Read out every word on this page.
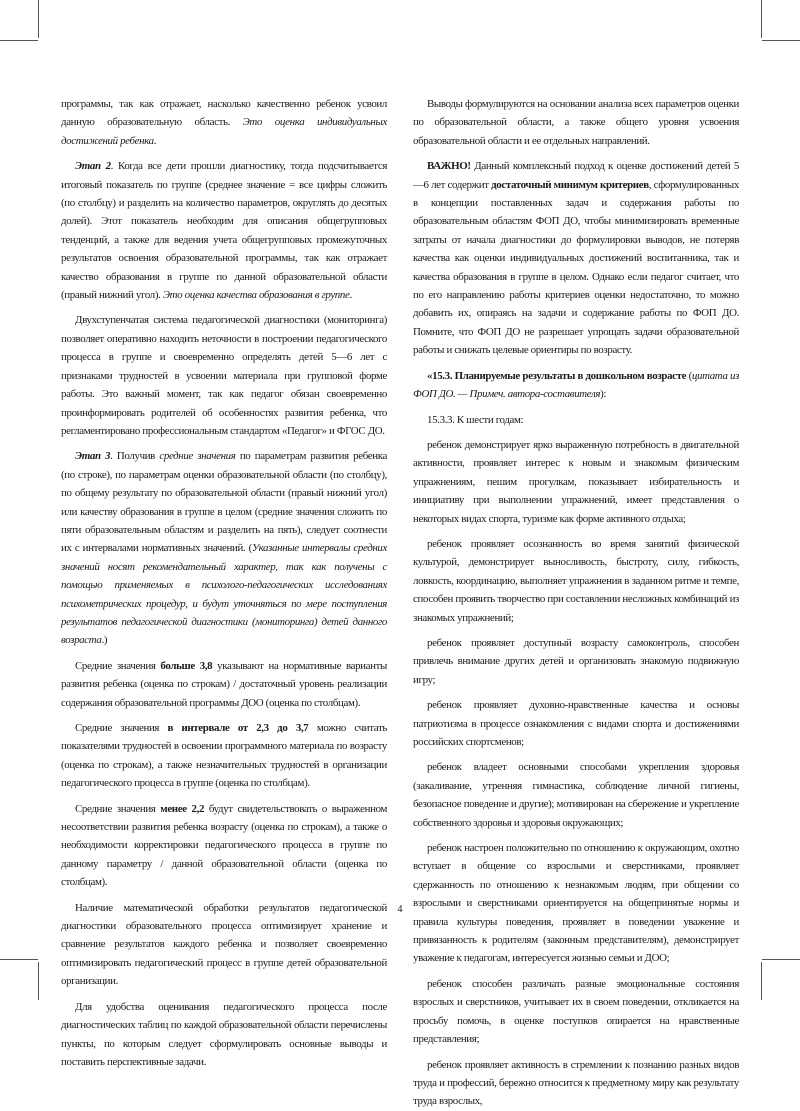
программы, так как отражает, насколько качественно ребенок усвоил данную образовательную область. Это оценка индивидуальных достижений ребенка.

Этап 2. Когда все дети прошли диагностику, тогда подсчитывается итоговый показатель по группе (среднее значение = все цифры сложить (по столбцу) и разделить на количество параметров, округлять до десятых долей). Этот показатель необходим для описания общегрупповых тенденций, а также для ведения учета общегрупповых промежуточных результатов освоения образовательной программы, так как отражает качество образования в группе по данной образовательной области (правый нижний угол). Это оценка качества образования в группе.

Двухступенчатая система педагогической диагностики (мониторинга) позволяет оперативно находить неточности в построении педагогического процесса в группе и своевременно определять детей 5—6 лет с признаками трудностей в усвоении материала при групповой форме работы. Это важный момент, так как педагог обязан своевременно проинформировать родителей об особенностях развития ребенка, что регламентировано профессиональным стандартом «Педагог» и ФГОС ДО.

Этап 3. Получив средние значения по параметрам развития ребенка (по строке), по параметрам оценки образовательной области (по столбцу), по общему результату по образовательной области (правый нижний угол) или качеству образования в группе в целом (средние значения сложить по пяти образовательным областям и разделить на пять), следует соотнести их с интервалами нормативных значений. (Указанные интервалы средних значений носят рекомендательный характер, так как получены с помощью применяемых в психолого-педагогических исследованиях психометрических процедур, и будут уточняться по мере поступления результатов педагогической диагностики (мониторинга) детей данного возраста.)

Средние значения больше 3,8 указывают на нормативные варианты развития ребенка (оценка по строкам) / достаточный уровень реализации содержания образовательной программы ДОО (оценка по столбцам).

Средние значения в интервале от 2,3 до 3,7 можно считать показателями трудностей в освоении программного материала по возрасту (оценка по строкам), а также незначительных трудностей в организации педагогического процесса в группе (оценка по столбцам).

Средние значения менее 2,2 будут свидетельствовать о выраженном несоответствии развития ребенка возрасту (оценка по строкам), а также о необходимости корректировки педагогического процесса в группе по данному параметру / данной образовательной области (оценка по столбцам).

Наличие математической обработки результатов педагогической диагностики образовательного процесса оптимизирует хранение и сравнение результатов каждого ребенка и позволяет своевременно оптимизировать педагогический процесс в группе детей образовательной организации.

Для удобства оценивания педагогического процесса после диагностических таблиц по каждой образовательной области перечислены пункты, по которым следует сформулировать основные выводы и поставить перспективные задачи.

Выводы формулируются на основании анализа всех параметров оценки по образовательной области, а также общего уровня усвоения образовательной области и ее отдельных направлений.

ВАЖНО! Данный комплексный подход к оценке достижений детей 5—6 лет содержит достаточный минимум критериев, сформулированных в концепции поставленных задач и содержания работы по образовательным областям ФОП ДО, чтобы минимизировать временные затраты от начала диагностики до формулировки выводов, не потеряв качества как оценки индивидуальных достижений воспитанника, так и качества образования в группе в целом. Однако если педагог считает, что по его направлению работы критериев оценки недостаточно, то можно добавить их, опираясь на задачи и содержание работы по ФОП ДО. Помните, что ФОП ДО не разрешает упрощать задачи образовательной работы и снижать целевые ориентиры по возрасту.

«15.3. Планируемые результаты в дошкольном возрасте (цитата из ФОП ДО. — Примеч. автора-составителя):

15.3.3. К шести годам:

ребенок демонстрирует ярко выраженную потребность в двигательной активности, проявляет интерес к новым и знакомым физическим упражнениям, пешим прогулкам, показывает избирательность и инициативу при выполнении упражнений, имеет представления о некоторых видах спорта, туризме как форме активного отдыха;

ребенок проявляет осознанность во время занятий физической культурой, демонстрирует выносливость, быстроту, силу, гибкость, ловкость, координацию, выполняет упражнения в заданном ритме и темпе, способен проявить творчество при составлении несложных комбинаций из знакомых упражнений;

ребенок проявляет доступный возрасту самоконтроль, способен привлечь внимание других детей и организовать знакомую подвижную игру;

ребенок проявляет духовно-нравственные качества и основы патриотизма в процессе ознакомления с видами спорта и достижениями российских спортсменов;

ребенок владеет основными способами укрепления здоровья (закаливание, утренняя гимнастика, соблюдение личной гигиены, безопасное поведение и другие); мотивирован на сбережение и укрепление собственного здоровья и здоровья окружающих;

ребенок настроен положительно по отношению к окружающим, охотно вступает в общение со взрослыми и сверстниками, проявляет сдержанность по отношению к незнакомым людям, при общении со взрослыми и сверстниками ориентируется на общепринятые нормы и правила культуры поведения, проявляет в поведении уважение и привязанность к родителям (законным представителям), демонстрирует уважение к педагогам, интересуется жизнью семьи и ДОО;

ребенок способен различать разные эмоциональные состояния взрослых и сверстников, учитывает их в своем поведении, откликается на просьбу помочь, в оценке поступков опирается на нравственные представления;

ребенок проявляет активность в стремлении к познанию разных видов труда и профессий, бережно относится к предметному миру как результату труда взрослых,

4
